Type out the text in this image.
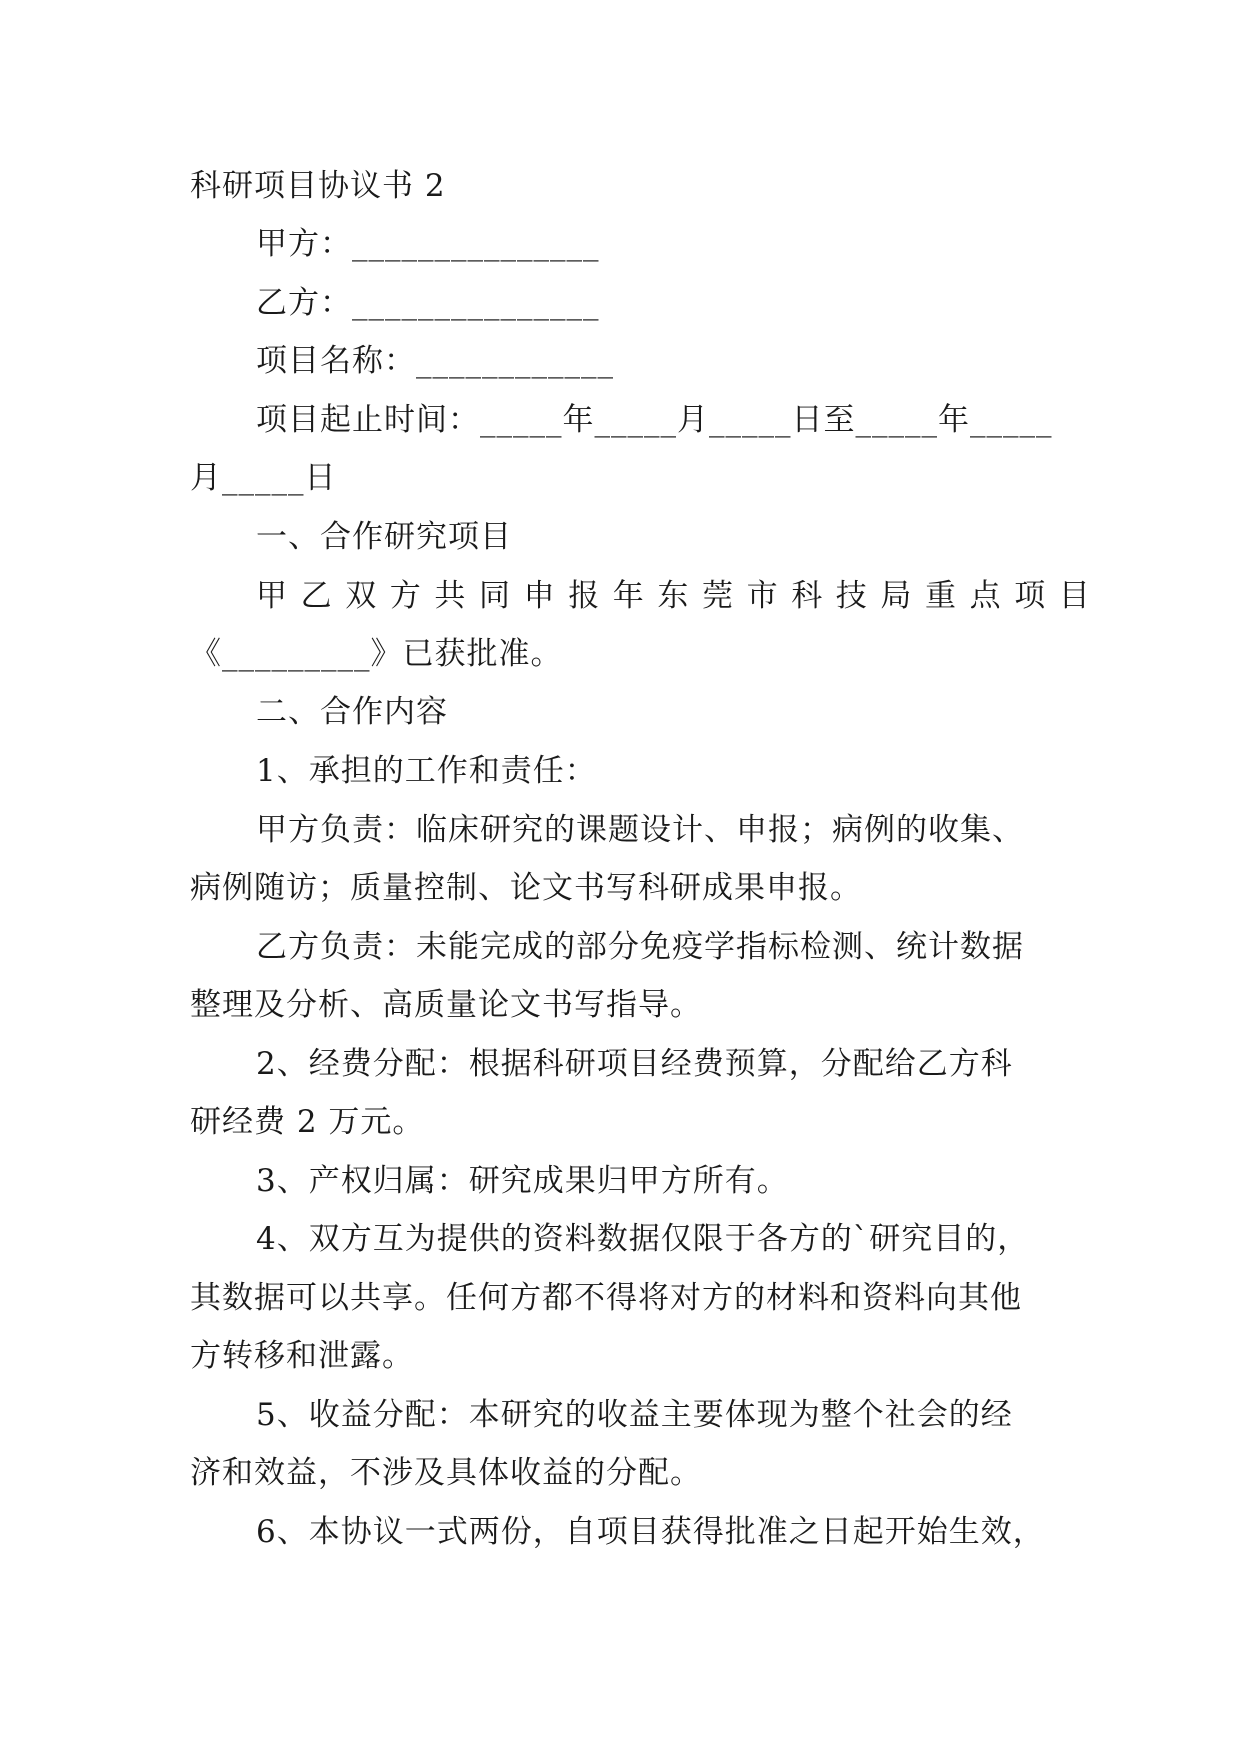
科研项目协议书 2
甲方：_______________
乙方：_______________
项目名称：____________
项目起止时间：_____年_____月_____日至_____年_____
月_____日
一、合作研究项目
甲乙双方共同申报年东莞市科技局重点项目
《_________》已获批准。
二、合作内容
1、承担的工作和责任：
甲方负责：临床研究的课题设计、申报；病例的收集、
病例随访；质量控制、论文书写科研成果申报。
乙方负责：未能完成的部分免疫学指标检测、统计数据
整理及分析、高质量论文书写指导。
2、经费分配：根据科研项目经费预算，分配给乙方科
研经费 2 万元。
3、产权归属：研究成果归甲方所有。
4、双方互为提供的资料数据仅限于各方的`研究目的，
其数据可以共享。任何方都不得将对方的材料和资料向其他
方转移和泄露。
5、收益分配：本研究的收益主要体现为整个社会的经
济和效益，不涉及具体收益的分配。
6、本协议一式两份，自项目获得批准之日起开始生效，
